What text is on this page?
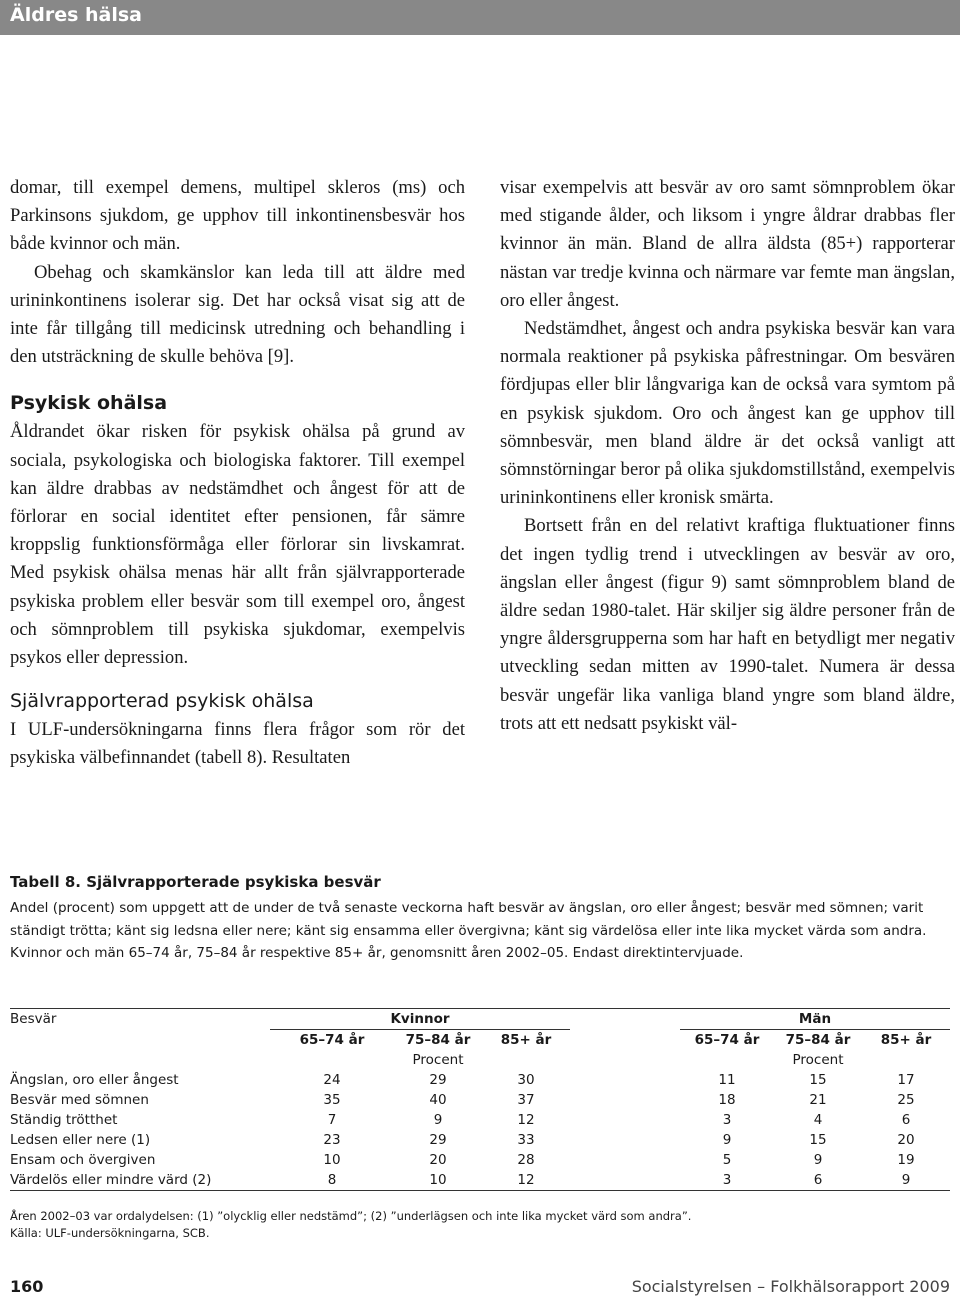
Äldres hälsa

domar, till exempel demens, multipel skleros (ms) och Parkinsons sjukdom, ge upphov till inkontinensbesvär hos både kvinnor och män.

Obehag och skamkänslor kan leda till att äldre med urininkontinens isolerar sig. Det har också visat sig att de inte får tillgång till medicinsk utredning och behandling i den utsträckning de skulle behöva [9].

Psykisk ohälsa

Åldrandet ökar risken för psykisk ohälsa på grund av sociala, psykologiska och biologiska faktorer. Till exempel kan äldre drabbas av nedstämdhet och ångest för att de förlorar en social identitet efter pensionen, får sämre kroppslig funktionsförmåga eller förlorar sin livskamrat. Med psykisk ohälsa menas här allt från självrapporterade psykiska problem eller besvär som till exempel oro, ångest och sömnproblem till psykiska sjukdomar, exempelvis psykos eller depression.

Självrapporterad psykisk ohälsa

I ULF-undersökningarna finns flera frågor som rör det psykiska välbefinnandet (tabell 8). Resultaten

visar exempelvis att besvär av oro samt sömnproblem ökar med stigande ålder, och liksom i yngre åldrar drabbas fler kvinnor än män. Bland de allra äldsta (85+) rapporterar nästan var tredje kvinna och närmare var femte man ängslan, oro eller ångest.

Nedstämdhet, ångest och andra psykiska besvär kan vara normala reaktioner på psykiska påfrestningar. Om besvären fördjupas eller blir långvariga kan de också vara symtom på en psykisk sjukdom. Oro och ångest kan ge upphov till sömnbesvär, men bland äldre är det också vanligt att sömnstörningar beror på olika sjukdomstillstånd, exempelvis urininkontinens eller kronisk smärta.

Bortsett från en del relativt kraftiga fluktuationer finns det ingen tydlig trend i utvecklingen av besvär av oro, ängslan eller ångest (figur 9) samt sömnproblem bland de äldre sedan 1980-talet. Här skiljer sig äldre personer från de yngre åldersgrupperna som har haft en betydligt mer negativ utveckling sedan mitten av 1990-talet. Numera är dessa besvär ungefär lika vanliga bland yngre som bland äldre, trots att ett nedsatt psykiskt väl-

Tabell 8. Självrapporterade psykiska besvär

Andel (procent) som uppgett att de under de två senaste veckorna haft besvär av ängslan, oro eller ångest; besvär med sömnen; varit ständigt trötta; känt sig ledsna eller nere; känt sig ensamma eller övergivna; känt sig värdelösa eller inte lika mycket värda som andra. Kvinnor och män 65–74 år, 75–84 år respektive 85+ år, genomsnitt åren 2002–05. Endast direktintervjuade.

Besvär	Kvinnor				Män		
	65–74 år	75–84 år	85+ år		65–74 år	75–84 år	85+ år
		Procent				Procent	
Ängslan, oro eller ångest	24	29	30		11	15	17
Besvär med sömnen	35	40	37		18	21	25
Ständig trötthet	7	9	12		3	4	6
Ledsen eller nere (1)	23	29	33		9	15	20
Ensam och övergiven	10	20	28		5	9	19
Värdelös eller mindre värd (2)	8	10	12		3	6	9
Åren 2002–03 var ordalydelsen: (1) ”olycklig eller nedstämd”; (2) ”underlägsen och inte lika mycket värd som andra”.
Källa: ULF-undersökningarna, SCB.
160	Socialstyrelsen – Folkhälsorapport 2009
